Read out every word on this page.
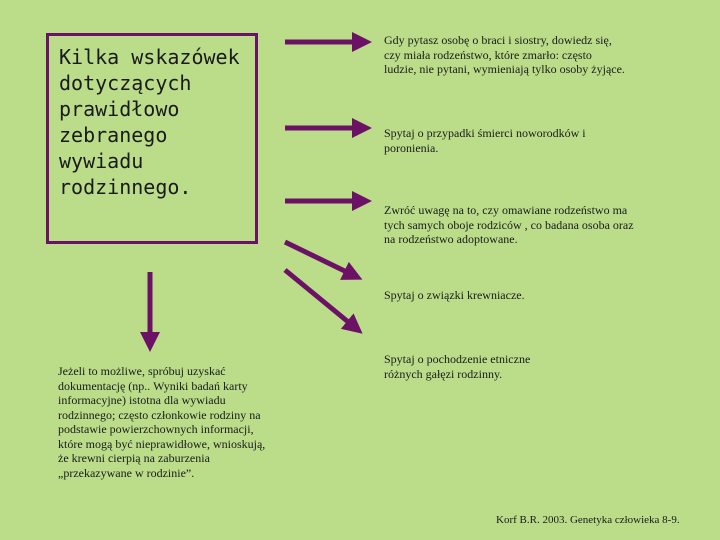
Kilka wskazówek
dotyczących
prawidłowo
zebranego
wywiadu
rodzinnego.
Gdy pytasz osobę o braci i siostry, dowiedz się,
czy miała rodzeństwo, które zmarło: często
ludzie, nie pytani, wymieniają tylko osoby żyjące.
Spytaj o przypadki śmierci noworodków i
poronienia.
Zwróć uwagę na to, czy omawiane rodzeństwo ma
tych samych oboje rodziców , co badana osoba oraz
na rodzeństwo adoptowane.
Spytaj o związki krewniacze.
Spytaj o pochodzenie etniczne
różnych gałęzi rodzinny.
Jeżeli to możliwe, spróbuj uzyskać
dokumentację (np.. Wyniki badań karty
informacyjne) istotna dla wywiadu
rodzinnego; często członkowie rodziny na
podstawie powierzchownych informacji,
które mogą być nieprawidłowe, wnioskują,
że krewni cierpią na zaburzenia
„przekazywane w rodzinie”.
Korf B.R. 2003. Genetyka człowieka 8-9.
